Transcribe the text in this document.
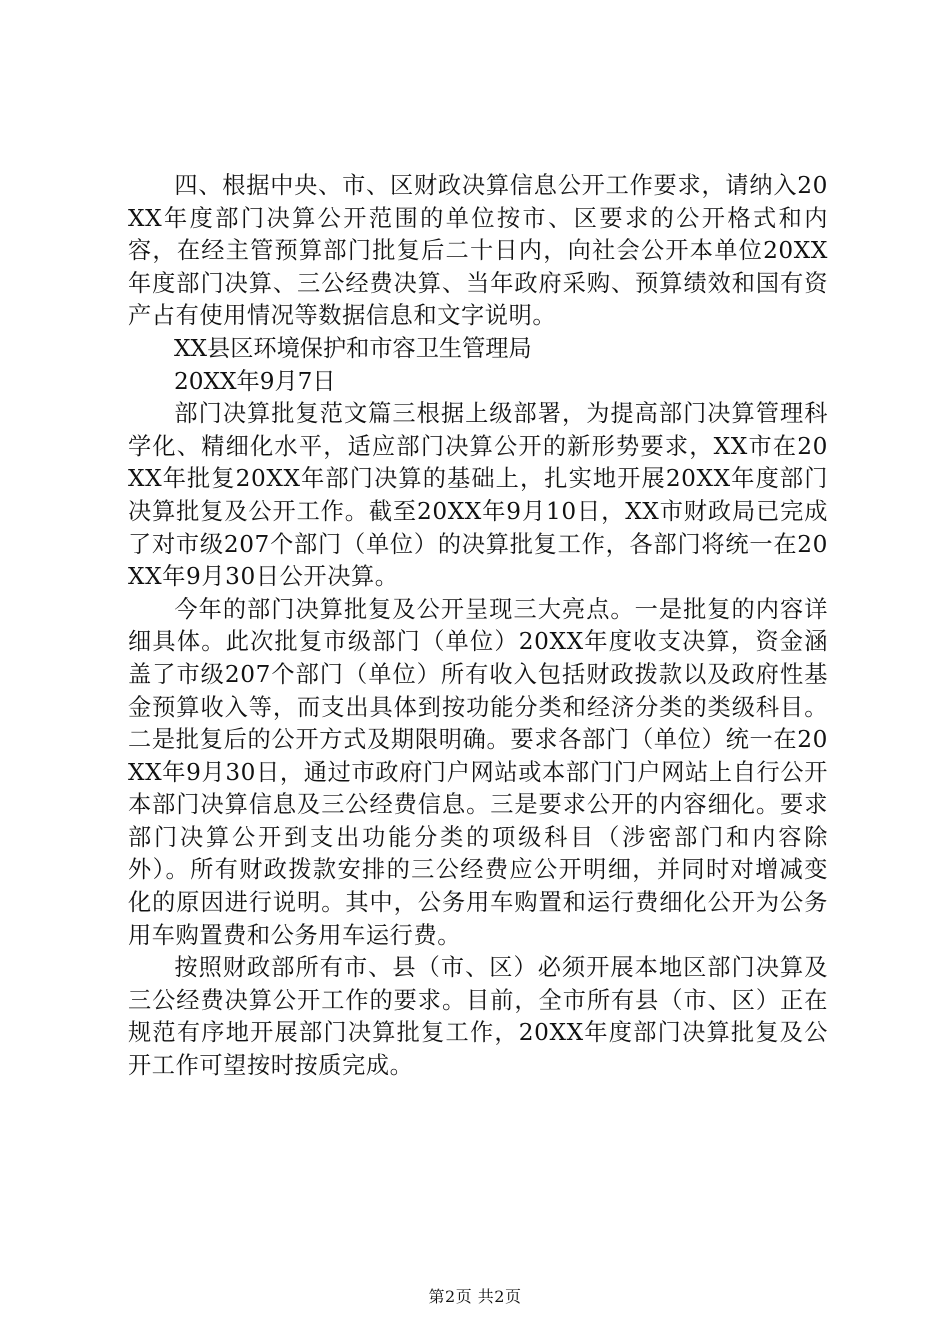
四、根据中央、市、区财政决算信息公开工作要求，请纳入20XX年度部门决算公开范围的单位按市、区要求的公开格式和内容，在经主管预算部门批复后二十日内，向社会公开本单位20XX年度部门决算、三公经费决算、当年政府采购、预算绩效和国有资产占有使用情况等数据信息和文字说明。

XX县区环境保护和市容卫生管理局

20XX年9月7日

部门决算批复范文篇三根据上级部署，为提高部门决算管理科学化、精细化水平，适应部门决算公开的新形势要求，XX市在20XX年批复20XX年部门决算的基础上，扎实地开展20XX年度部门决算批复及公开工作。截至20XX年9月10日，XX市财政局已完成了对市级207个部门（单位）的决算批复工作，各部门将统一在20XX年9月30日公开决算。

今年的部门决算批复及公开呈现三大亮点。一是批复的内容详细具体。此次批复市级部门（单位）20XX年度收支决算，资金涵盖了市级207个部门（单位）所有收入包括财政拨款以及政府性基金预算收入等，而支出具体到按功能分类和经济分类的类级科目。二是批复后的公开方式及期限明确。要求各部门（单位）统一在20XX年9月30日，通过市政府门户网站或本部门门户网站上自行公开本部门决算信息及三公经费信息。三是要求公开的内容细化。要求部门决算公开到支出功能分类的项级科目（涉密部门和内容除外）。所有财政拨款安排的三公经费应公开明细，并同时对增减变化的原因进行说明。其中，公务用车购置和运行费细化公开为公务用车购置费和公务用车运行费。

按照财政部所有市、县（市、区）必须开展本地区部门决算及三公经费决算公开工作的要求。目前，全市所有县（市、区）正在规范有序地开展部门决算批复工作，20XX年度部门决算批复及公开工作可望按时按质完成。

第2页 共2页
